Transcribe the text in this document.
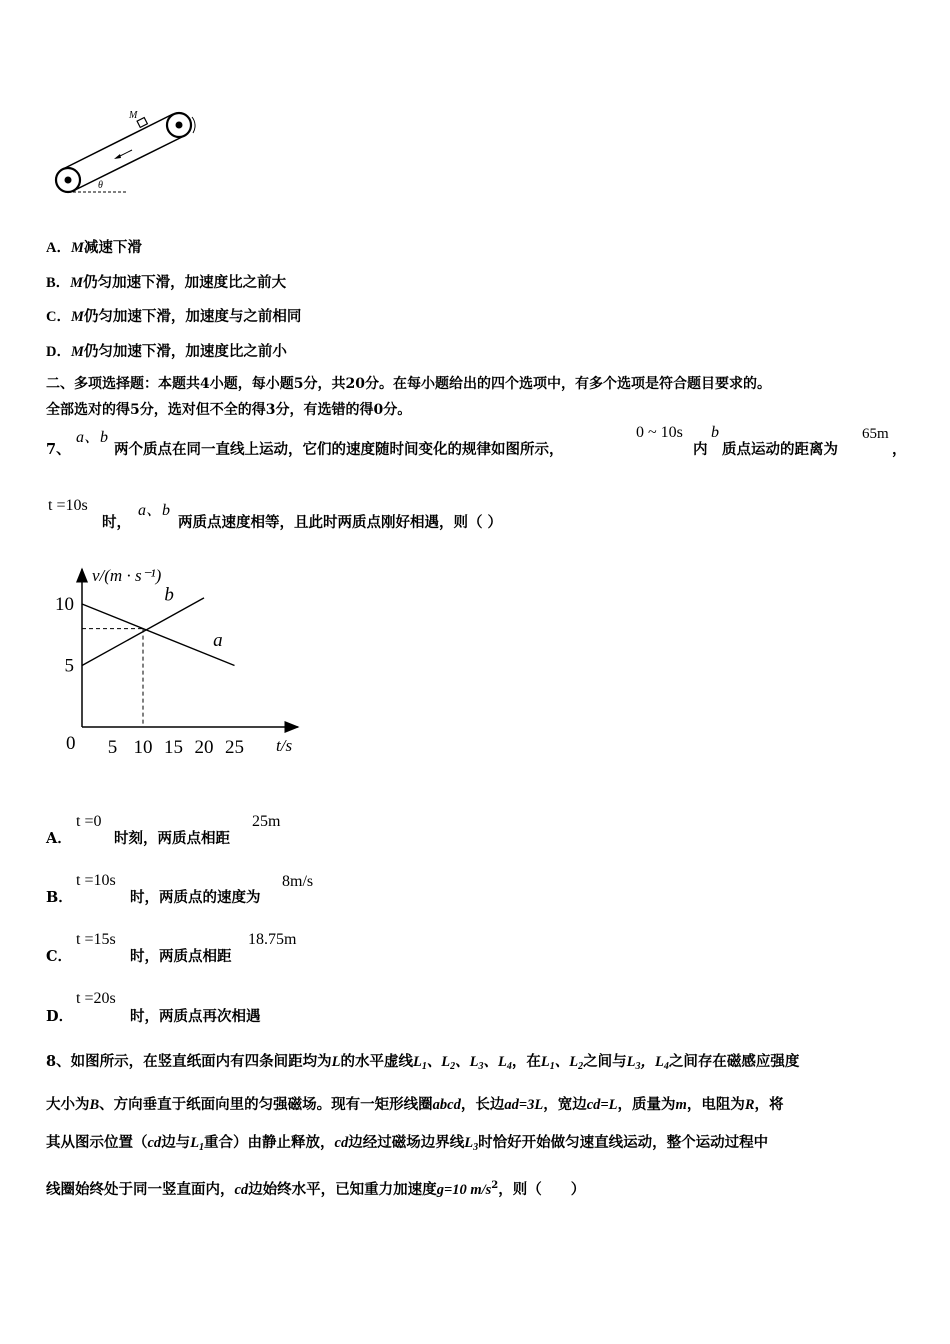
M
θ
A．M减速下滑
B．M仍匀加速下滑，加速度比之前大
C．M仍匀加速下滑，加速度与之前相同
D．M仍匀加速下滑，加速度比之前小
二、多项选择题：本题共4小题，每小题5分，共20分。在每小题给出的四个选项中，有多个选项是符合题目要求的。
全部选对的得5分，选对但不全的得3分，有选错的得0分。
7、
a、b
两个质点在同一直线上运动，它们的速度随时间变化的规律如图所示，
0 ~ 10s
内
b
质点运动的距离为
65m
，
t =10s
时，
a、b
两质点速度相等，且此时两质点刚好相遇，则（ ）
v/(m · s⁻¹)
t/s
0 5 10 15 20 25
10
5
a
b
A．
t =0
时刻，两质点相距
25m
B．
t =10s
时，两质点的速度为
8m/s
C．
t =15s
时，两质点相距
18.75m
D．
t =20s
时，两质点再次相遇
8、如图所示，在竖直纸面内有四条间距均为L的水平虚线$L_1$、$L_2$、$L_3$、$L_4$，在$L_1$、$L_2$之间与$L_3$，$L_4$之间存在磁感应强度
大小为B、方向垂直于纸面向里的匀强磁场。现有一矩形线圈abcd，长边ad=3L，宽边cd=L，质量为m，电阻为R，将
其从图示位置（cd边与$L_1$重合）由静止释放，cd边经过磁场边界线$L_3$时恰好开始做匀速直线运动，整个运动过程中
线圈始终处于同一竖直面内，cd边始终水平，已知重力加速度g=10 $m/s^2$，则（　　）
